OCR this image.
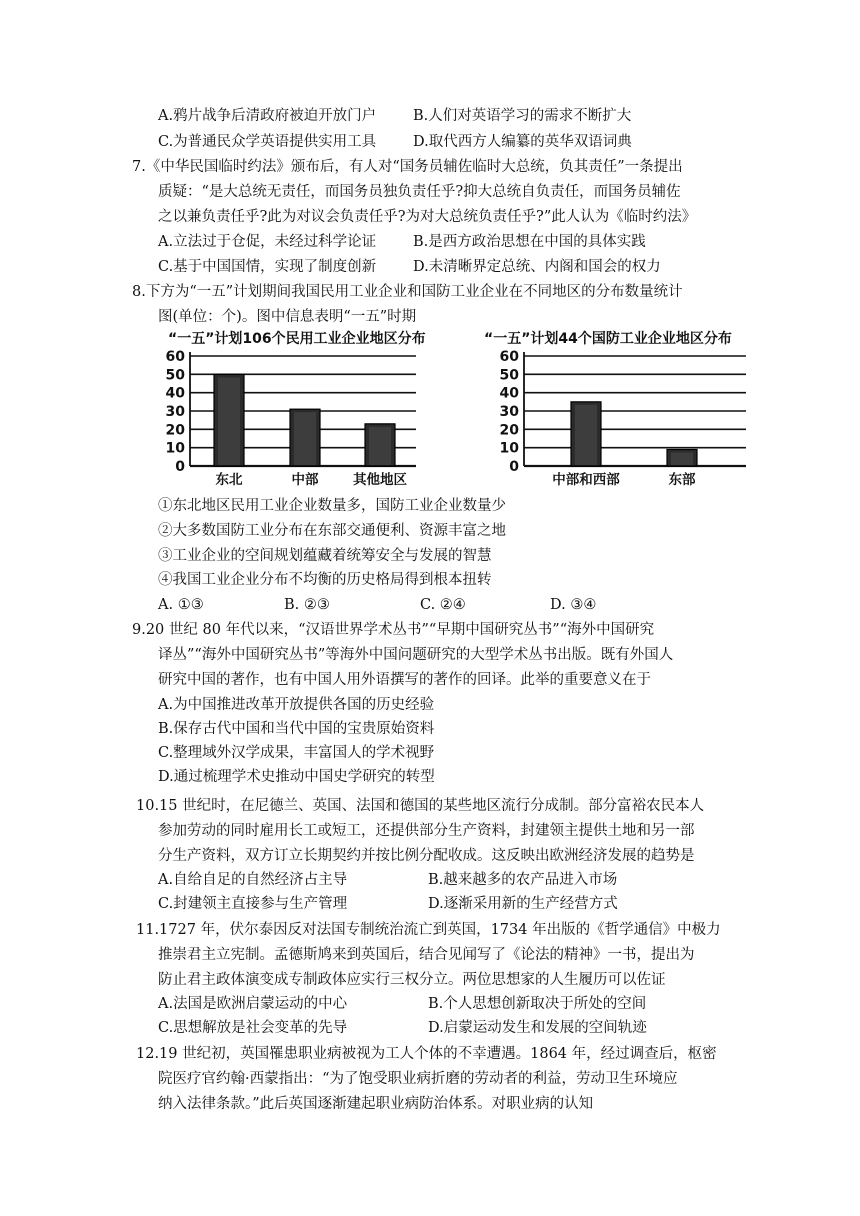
A.鸦片战争后清政府被迫开放门户	B.人们对英语学习的需求不断扩大
C.为普通民众学英语提供实用工具	D.取代西方人编纂的英华双语词典
7.《中华民国临时约法》颁布后，有人对“国务员辅佐临时大总统，负其责任”一条提出
质疑：“是大总统无责任，而国务员独负责任乎?抑大总统自负责任，而国务员辅佐
之以兼负责任乎?此为对议会负责任乎?为对大总统负责任乎?”此人认为《临时约法》
A.立法过于仓促，未经过科学论证	B.是西方政治思想在中国的具体实践
C.基于中国国情，实现了制度创新	D.未清晰界定总统、内阁和国会的权力
8.下方为“一五”计划期间我国民用工业企业和国防工业企业在不同地区的分布数量统计
图(单位：个)。图中信息表明“一五”时期
“一五”计划106个民用工业企业地区分布
60
50
40
30
20
10
0
东北	中部	其他地区
“一五”计划44个国防工业企业地区分布
60
50
40
30
20
10
0
中部和西部	东部
①东北地区民用工业企业数量多，国防工业企业数量少
②大多数国防工业分布在东部交通便利、资源丰富之地
③工业企业的空间规划蕴藏着统筹安全与发展的智慧
④我国工业企业分布不均衡的历史格局得到根本扭转
A. ①③	B. ②③	C. ②④	D. ③④
9.20 世纪 80 年代以来，“汉语世界学术丛书”“早期中国研究丛书”“海外中国研究
译丛”“海外中国研究丛书”等海外中国问题研究的大型学术丛书出版。既有外国人
研究中国的著作，也有中国人用外语撰写的著作的回译。此举的重要意义在于
A.为中国推进改革开放提供各国的历史经验
B.保存古代中国和当代中国的宝贵原始资料
C.整理域外汉学成果，丰富国人的学术视野
D.通过梳理学术史推动中国史学研究的转型
10.15 世纪时，在尼德兰、英国、法国和德国的某些地区流行分成制。部分富裕农民本人
参加劳动的同时雇用长工或短工，还提供部分生产资料，封建领主提供土地和另一部
分生产资料，双方订立长期契约并按比例分配收成。这反映出欧洲经济发展的趋势是
A.自给自足的自然经济占主导	B.越来越多的农产品进入市场
C.封建领主直接参与生产管理	D.逐渐采用新的生产经营方式
11.1727 年，伏尔泰因反对法国专制统治流亡到英国，1734 年出版的《哲学通信》中极力
推崇君主立宪制。孟德斯鸠来到英国后，结合见闻写了《论法的精神》一书，提出为
防止君主政体演变成专制政体应实行三权分立。两位思想家的人生履历可以佐证
A.法国是欧洲启蒙运动的中心	B.个人思想创新取决于所处的空间
C.思想解放是社会变革的先导	D.启蒙运动发生和发展的空间轨迹
12.19 世纪初，英国罹患职业病被视为工人个体的不幸遭遇。1864 年，经过调查后，枢密
院医疗官约翰·西蒙指出：“为了饱受职业病折磨的劳动者的利益，劳动卫生环境应
纳入法律条款。”此后英国逐渐建起职业病防治体系。对职业病的认知
